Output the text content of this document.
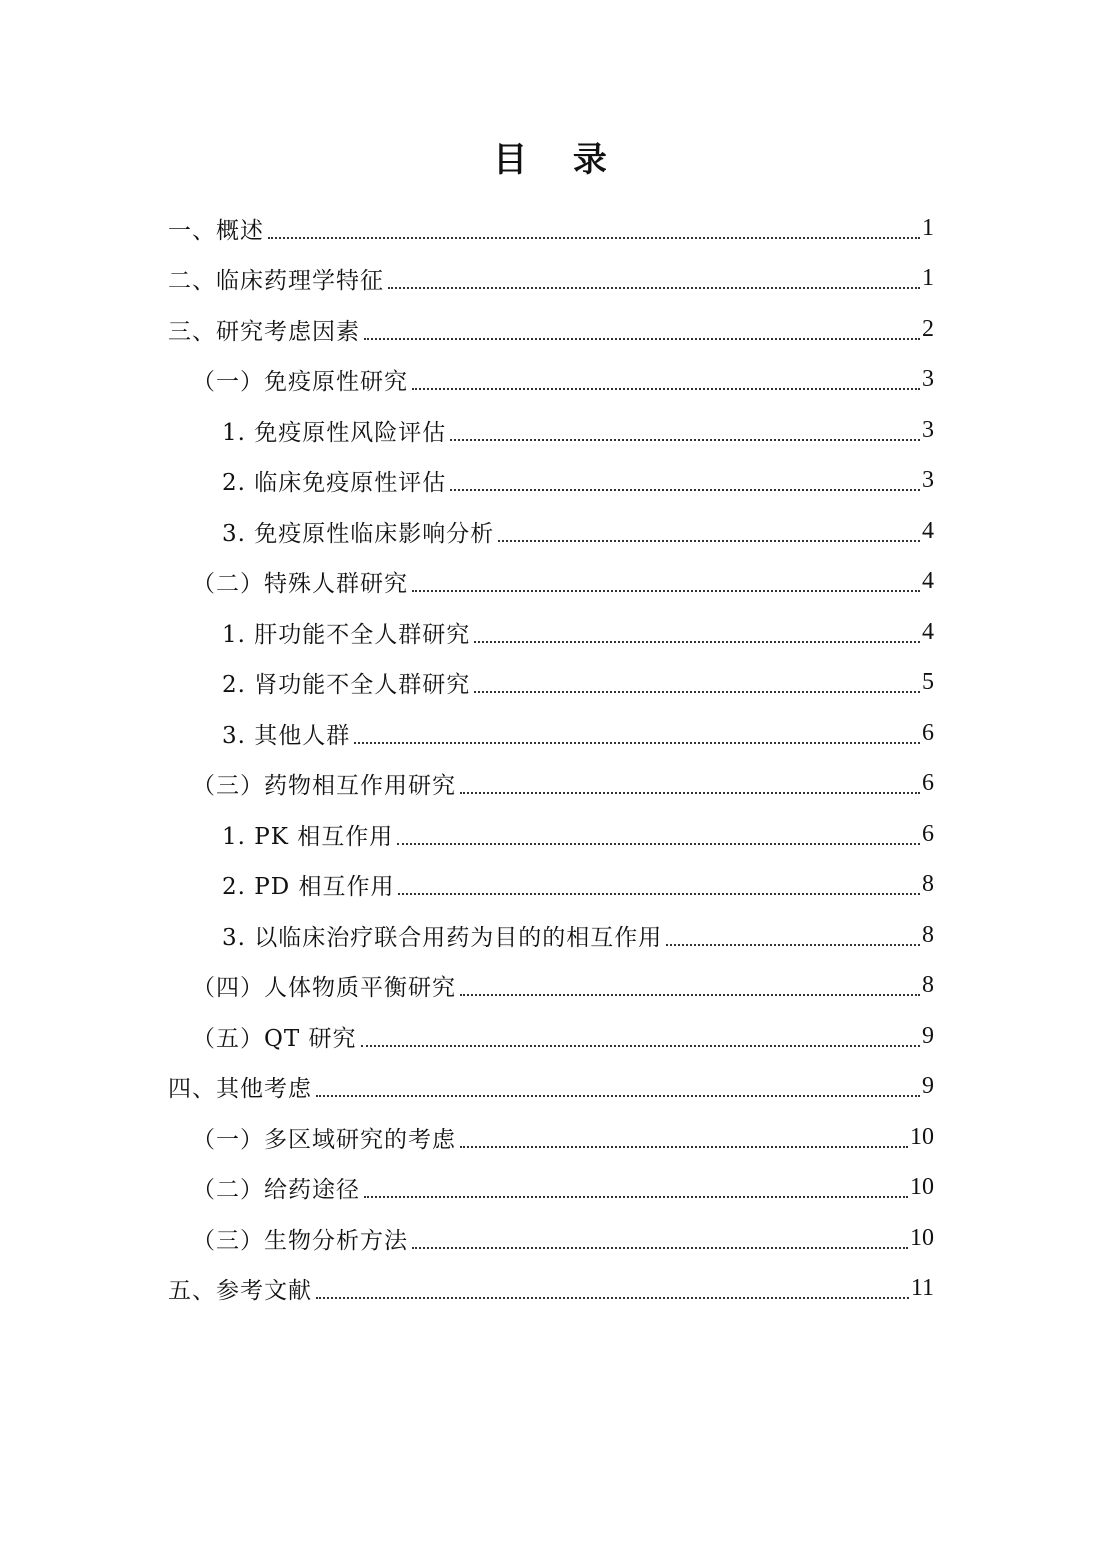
目 录
一、概述	1
二、临床药理学特征	1
三、研究考虑因素	2
（一）免疫原性研究	3
1. 免疫原性风险评估	3
2. 临床免疫原性评估	3
3. 免疫原性临床影响分析	4
（二）特殊人群研究	4
1. 肝功能不全人群研究	4
2. 肾功能不全人群研究	5
3. 其他人群	6
（三）药物相互作用研究	6
1. PK 相互作用	6
2. PD 相互作用	8
3. 以临床治疗联合用药为目的的相互作用	8
（四）人体物质平衡研究	8
（五）QT 研究	9
四、其他考虑	9
（一）多区域研究的考虑	10
（二）给药途径	10
（三）生物分析方法	10
五、参考文献	11
